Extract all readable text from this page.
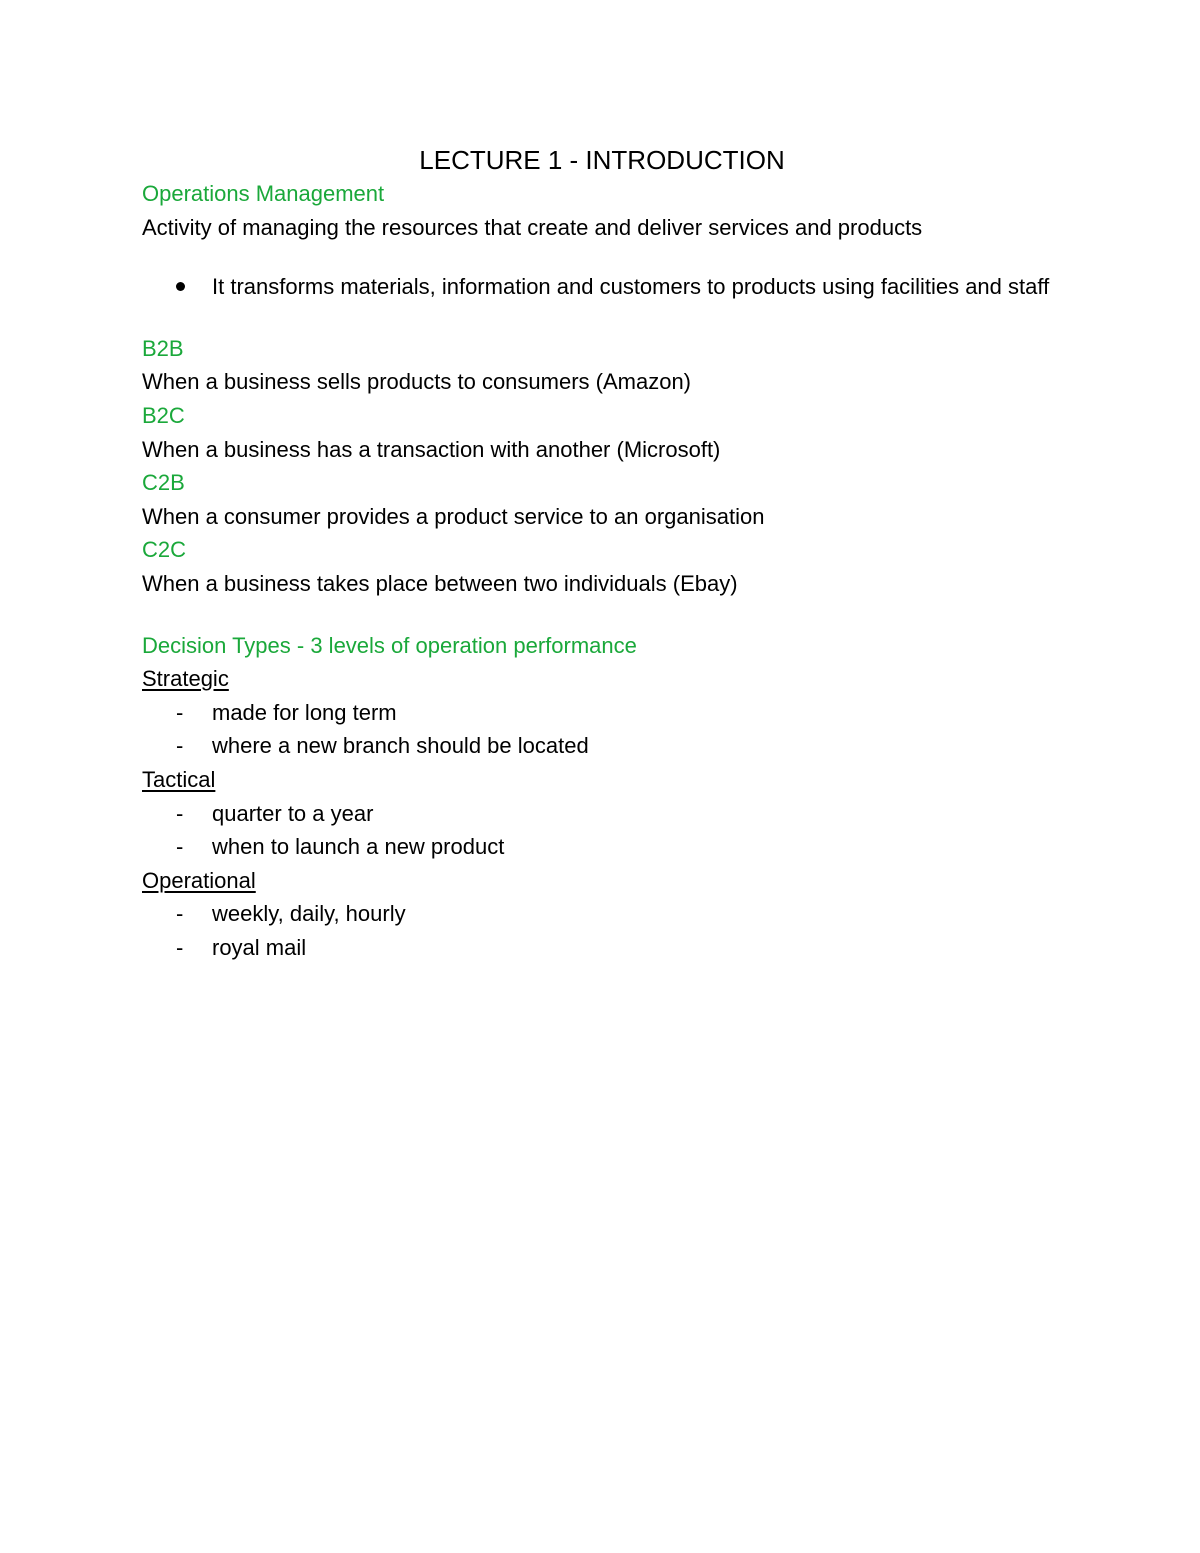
LECTURE 1 - INTRODUCTION

Operations Management

Activity of managing the resources that create and deliver services and products

It transforms materials, information and customers to products using facilities and staff

B2B

When a business sells products to consumers (Amazon)

B2C

When a business has a transaction with another (Microsoft)

C2B

When a consumer provides a product service to an organisation

C2C

When a business takes place between two individuals (Ebay)

Decision Types - 3 levels of operation performance

Strategic

- made for long term
- where a new branch should be located

Tactical

- quarter to a year
- when to launch a new product

Operational

- weekly, daily, hourly
- royal mail
